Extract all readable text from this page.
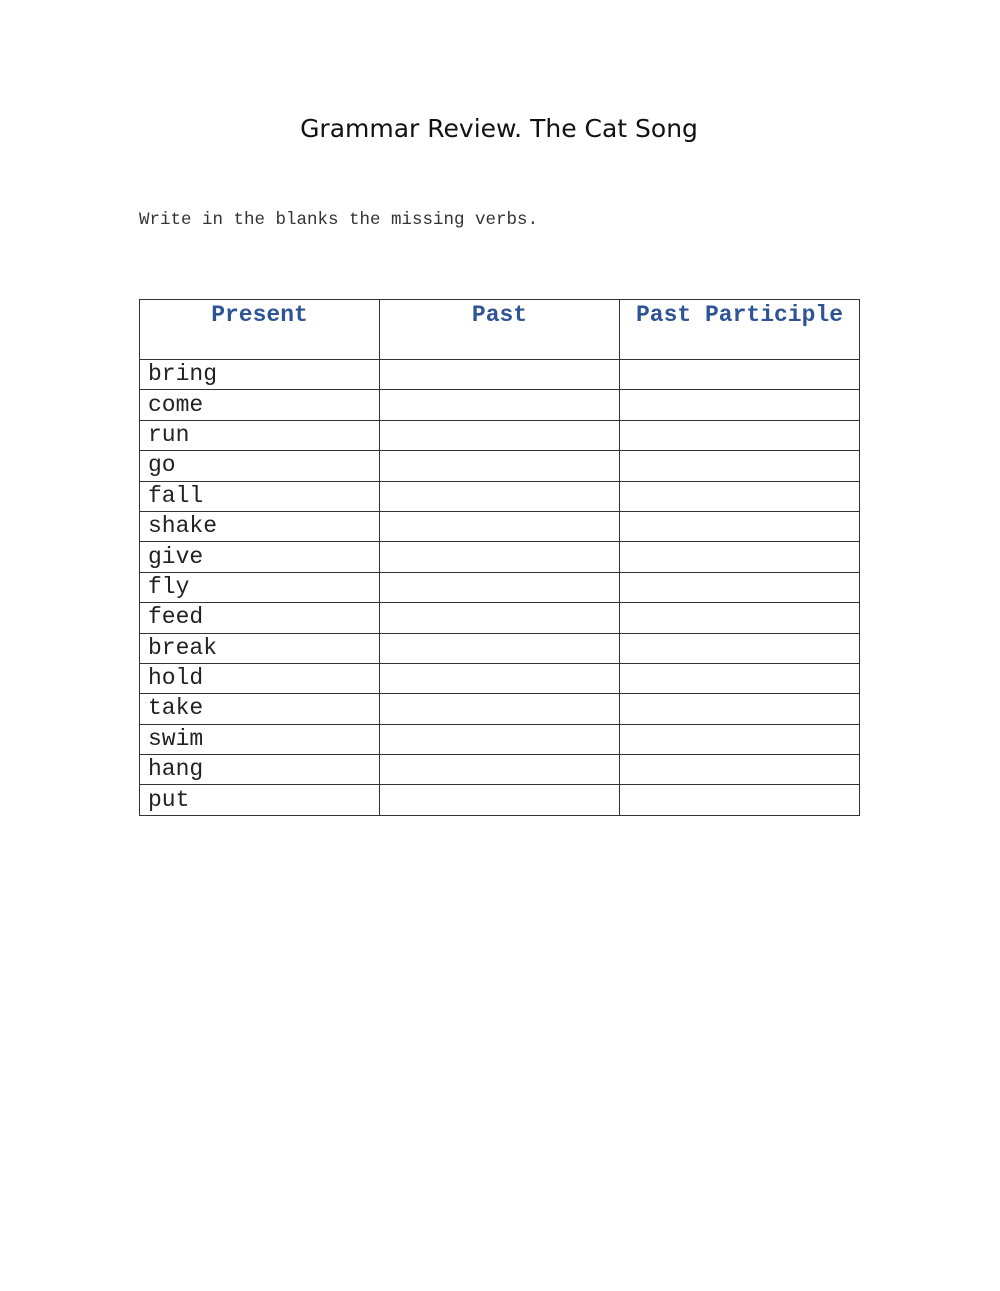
Grammar Review. The Cat Song
Write in the blanks the missing verbs.
Present	Past	Past Participle
bring		
come		
run		
go		
fall		
shake		
give		
fly		
feed		
break		
hold		
take		
swim		
hang		
put		
